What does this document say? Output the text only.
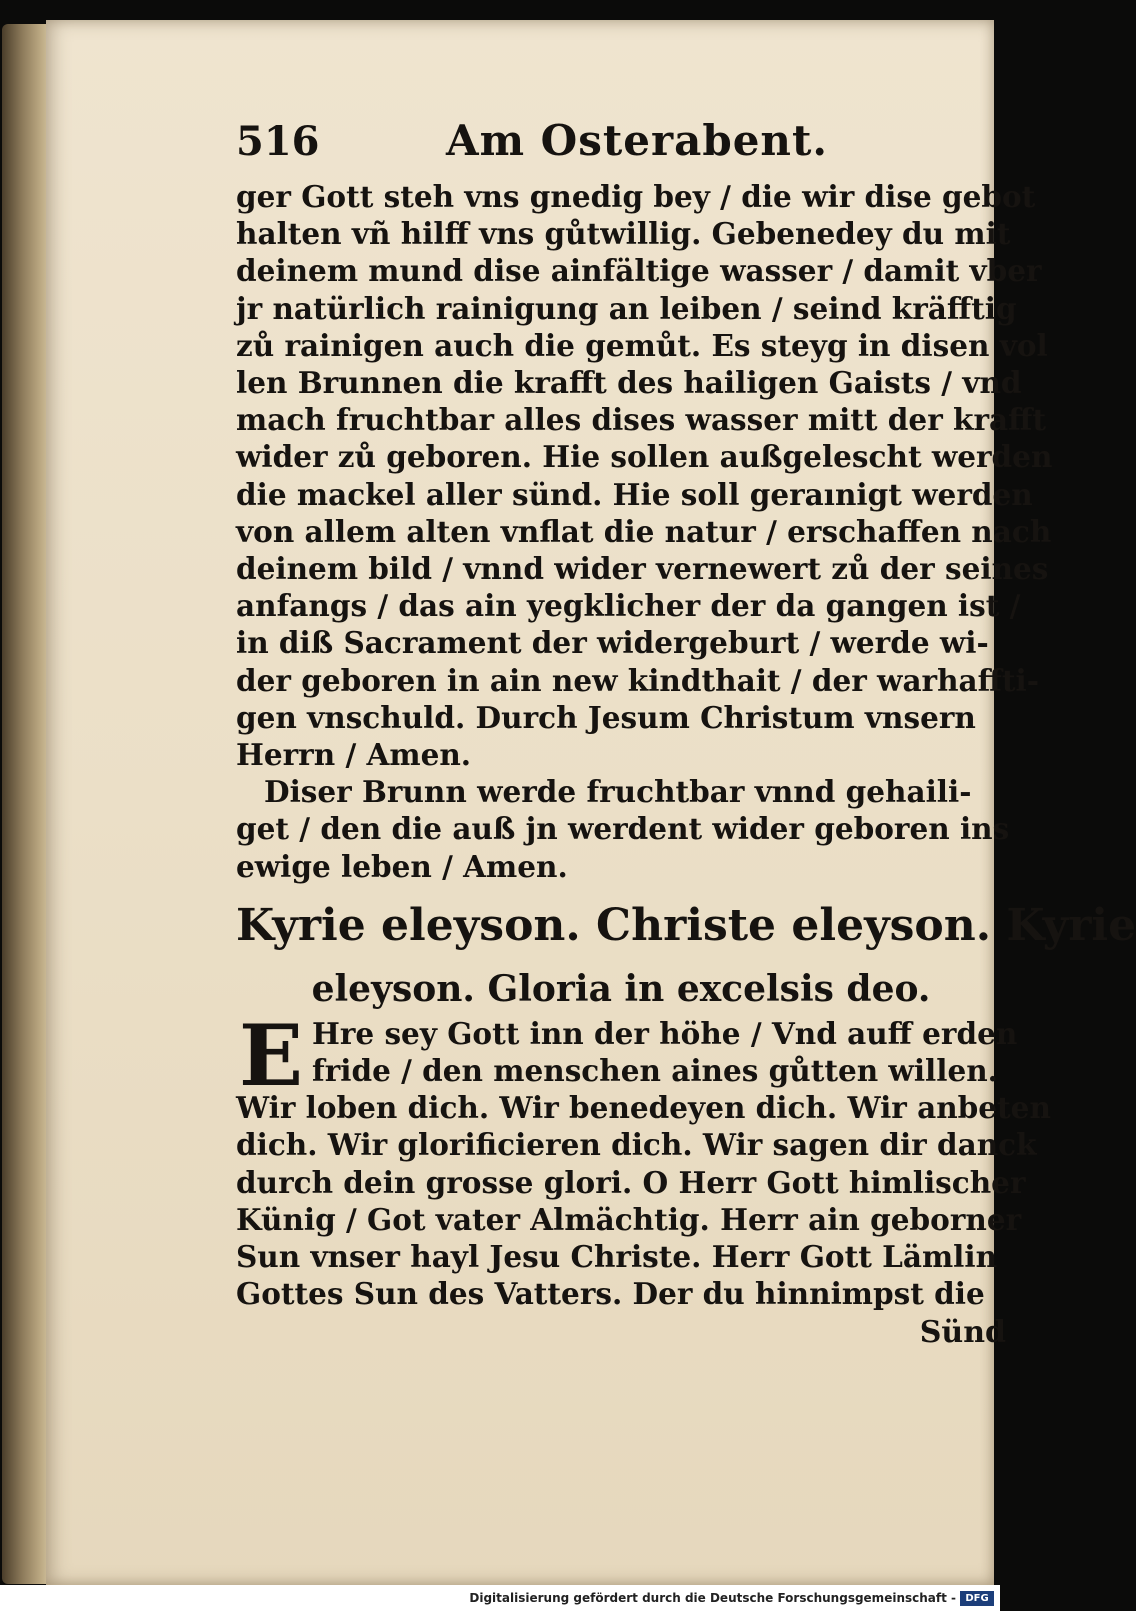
516	Am Osterabent.
ger Gott steh vns gnedig bey / die wir dise gebot
halten vñ hilff vns gůtwillig. Gebenedey du mit
deinem mund dise ainfältige wasser / damit vber
jr natürlich rainigung an leiben / seind kräfftig
zů rainigen auch die gemůt. Es steyg in disen vol
len Brunnen die krafft des hailigen Gaists / vnd
mach fruchtbar alles dises wasser mitt der krafft
wider zů geboren. Hie sollen außgelescht werden
die mackel aller sünd. Hie soll geraınigt werden
von allem alten vnflat die natur / erschaffen nach
deinem bild / vnnd wider vernewert zů der seines
anfangs / das ain yegklicher der da gangen ist /
in diß Sacrament der widergeburt / werde wi-
der geboren in ain new kindthait / der warhaffti-
gen vnschuld. Durch Jesum Christum vnsern
Herrn / Amen.
Diser Brunn werde fruchtbar vnnd gehaili-
get / den die auß jn werdent wider geboren ins
ewige leben / Amen.
Kyrie eleyson. Christe eleyson. Kyrie
eleyson. Gloria in excelsis deo.
E Hre sey Gott inn der höhe / Vnd auff erden
fride / den menschen aines gůtten willen.
Wir loben dich. Wir benedeyen dich. Wir anbeten
dich. Wir glorificieren dich. Wir sagen dir danck
durch dein grosse glori. O Herr Gott himlischer
Künig / Got vater Almächtig. Herr ain geborner
Sun vnser hayl Jesu Christe. Herr Gott Lämlin
Gottes Sun des Vatters. Der du hinnimpst die
Sünd
Digitalisierung gefördert durch die Deutsche Forschungsgemeinschaft - DFG
